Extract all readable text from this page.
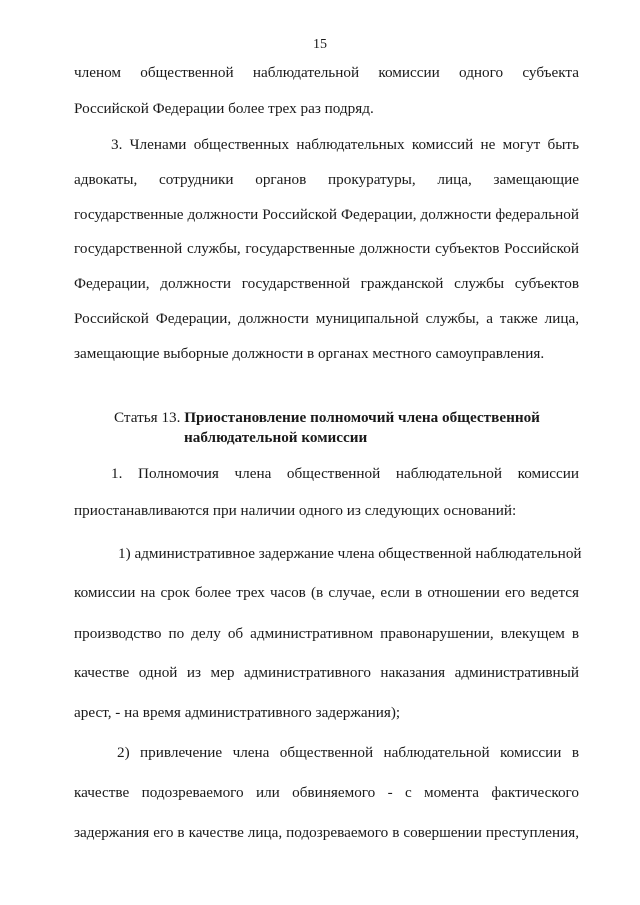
15
членом общественной наблюдательной комиссии одного субъекта
Российской Федерации более трех раз подряд.
3. Членами общественных наблюдательных комиссий не могут быть
адвокаты, сотрудники органов прокуратуры, лица, замещающие
государственные должности Российской Федерации, должности федеральной
государственной службы, государственные должности субъектов Российской
Федерации, должности государственной гражданской службы субъектов
Российской Федерации, должности муниципальной службы, а также лица,
замещающие выборные должности в органах местного самоуправления.
Статья 13. Приостановление полномочий члена общественной
наблюдательной комиссии
1. Полномочия члена общественной наблюдательной комиссии
приостанавливаются при наличии одного из следующих оснований:
1) административное задержание члена общественной наблюдательной
комиссии на срок более трех часов (в случае, если в отношении его ведется
производство по делу об административном правонарушении, влекущем в
качестве одной из мер административного наказания административный
арест, - на время административного задержания);
2) привлечение члена общественной наблюдательной комиссии в
качестве подозреваемого или обвиняемого - с момента фактического
задержания его в качестве лица, подозреваемого в совершении преступления,
